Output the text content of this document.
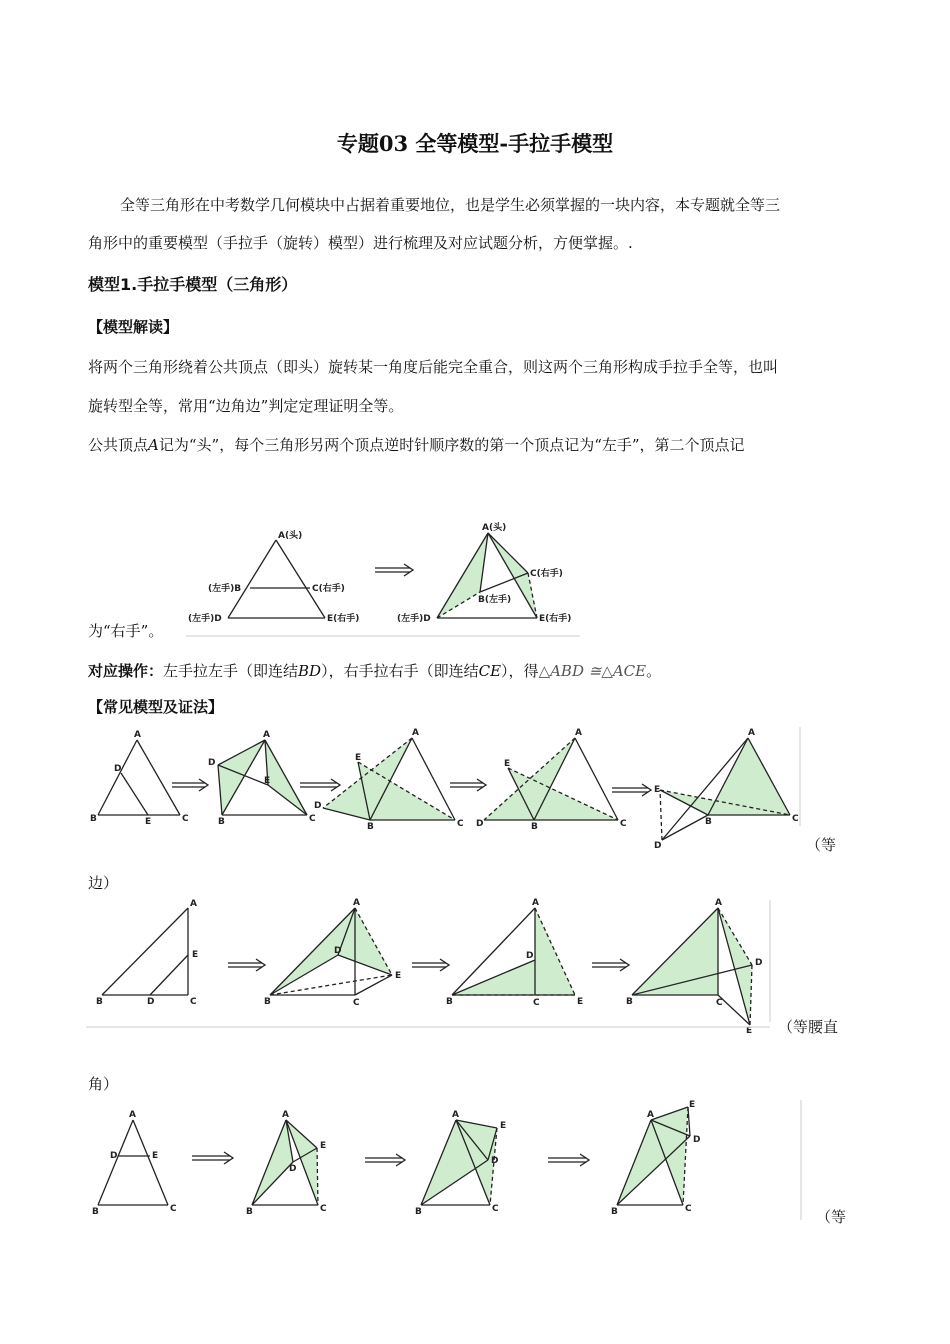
专题03 全等模型-手拉手模型
全等三角形在中考数学几何模块中占据着重要地位，也是学生必须掌握的一块内容，本专题就全等三
角形中的重要模型（手拉手（旋转）模型）进行梳理及对应试题分析，方便掌握。.
模型1.手拉手模型（三角形）
【模型解读】
将两个三角形绕着公共顶点（即头）旋转某一角度后能完全重合，则这两个三角形构成手拉手全等，也叫
旋转型全等，常用“边角边”判定定理证明全等。
公共顶点A记为“头”，每个三角形另两个顶点逆时针顺序数的第一个顶点记为“左手”，第二个顶点记
为“右手”。
对应操作：左手拉左手（即连结BD），右手拉右手（即连结CE），得△ABD ≅△ACE。
【常见模型及证法】
（等
边）
（等腰直
角）
（等
A(头)
(左手)B	C(右手)
(左手)D	E(右手)
A(头)
B(左手)
C(右手)
(左手)D	E(右手)
A
B	C
D
E
A
B	C
D
E
A
B	C
D
E
A
B	C
D
E
A
B	C
D
E
A
B	C
D
E
A
B	C
D
E
A
B	C
D
E
A
B	C
D
E
A
B	C
D	E
A
B	C
D
E
A
B	C
D
E
A
B	C
D
E
